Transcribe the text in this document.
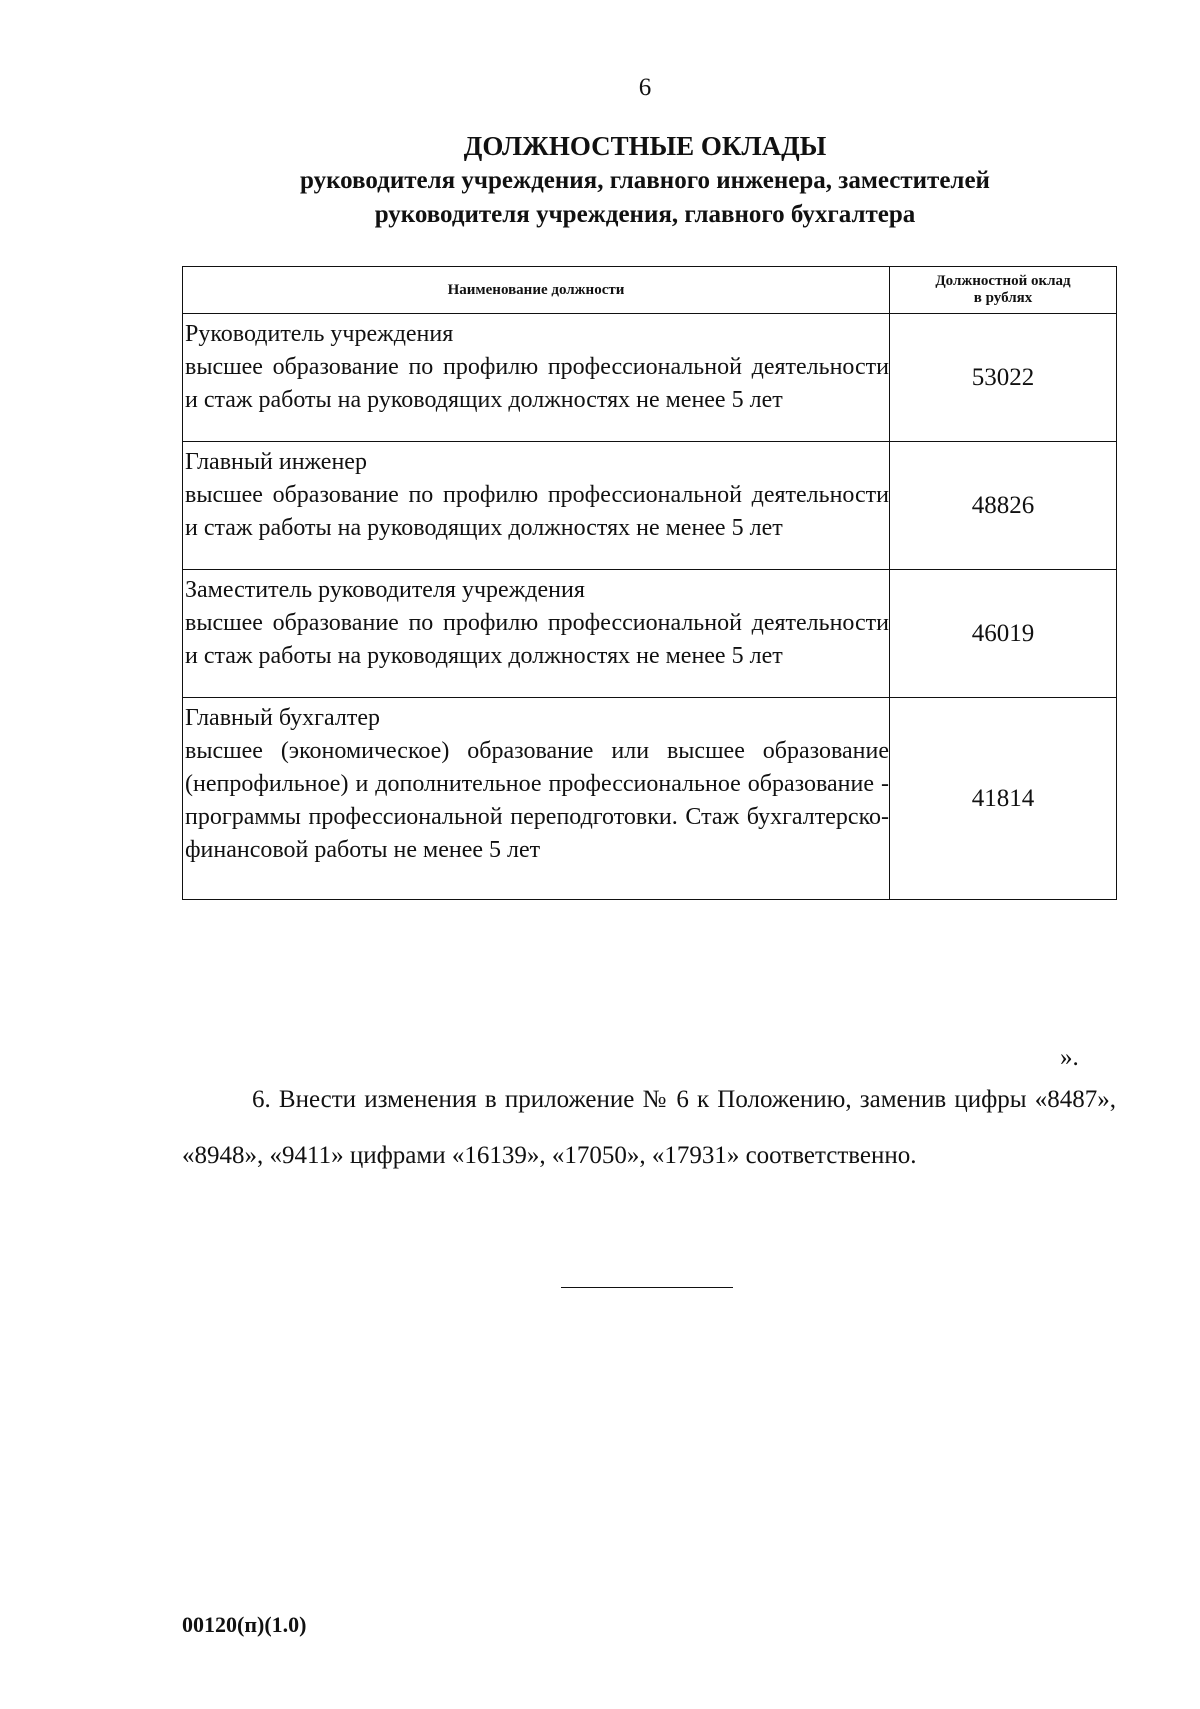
6
ДОЛЖНОСТНЫЕ ОКЛАДЫ
руководителя учреждения, главного инженера, заместителей
руководителя учреждения, главного бухгалтера
Наименование должности	Должностной оклад
в рублях

Руководитель учреждения
высшее образование по профилю профессиональной деятельности и стаж работы на руководящих должностях не менее 5 лет	53022

Главный инженер
высшее образование по профилю профессиональной деятельности и стаж работы на руководящих должностях не менее 5 лет	48826

Заместитель руководителя учреждения
высшее образование по профилю профессиональной деятельности и стаж работы на руководящих должностях не менее 5 лет	46019

Главный бухгалтер
высшее (экономическое) образование или высшее образование (непрофильное) и дополнительное профессиональное образование - программы профессиональной переподготовки. Стаж бухгалтерско-финансовой работы не менее 5 лет	41814
».
6. Внести изменения в приложение № 6 к Положению, заменив цифры «8487», «8948», «9411» цифрами «16139», «17050», «17931» соответственно.
00120(п)(1.0)
